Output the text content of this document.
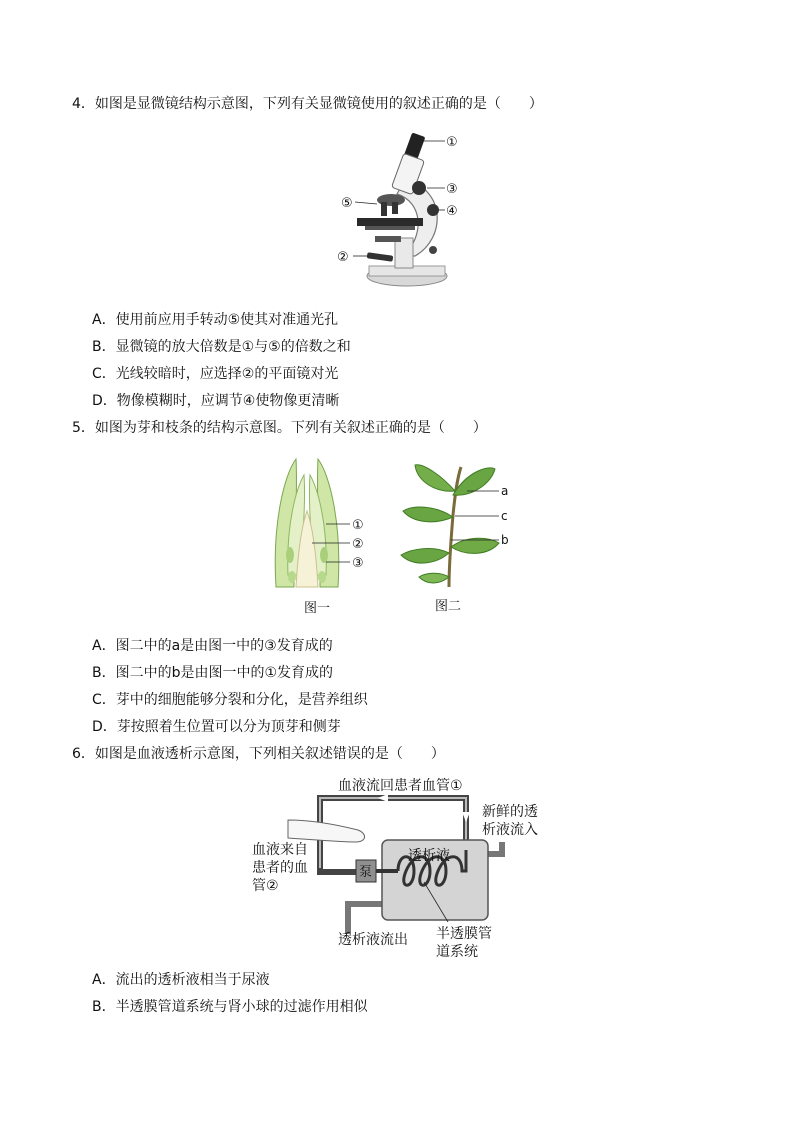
4．如图是显微镜结构示意图，下列有关显微镜使用的叙述正确的是（　　）
①
②
③
④
⑤
A．使用前应用手转动⑤使其对准通光孔
B．显微镜的放大倍数是①与⑤的倍数之和
C．光线较暗时，应选择②的平面镜对光
D．物像模糊时，应调节④使物像更清晰
5．如图为芽和枝条的结构示意图。下列有关叙述正确的是（　　）
①
②
③
图一
a
c
b
图二
A．图二中的a是由图一中的③发育成的
B．图二中的b是由图一中的①发育成的
C．芽中的细胞能够分裂和分化，是营养组织
D．芽按照着生位置可以分为顶芽和侧芽
6．如图是血液透析示意图，下列相关叙述错误的是（　　）
血液流回患者血管①
新鲜的透
析液流入
血液来自
患者的血
管②
泵
透析液
透析液流出 半透膜管
道系统
A．流出的透析液相当于尿液
B．半透膜管道系统与肾小球的过滤作用相似
